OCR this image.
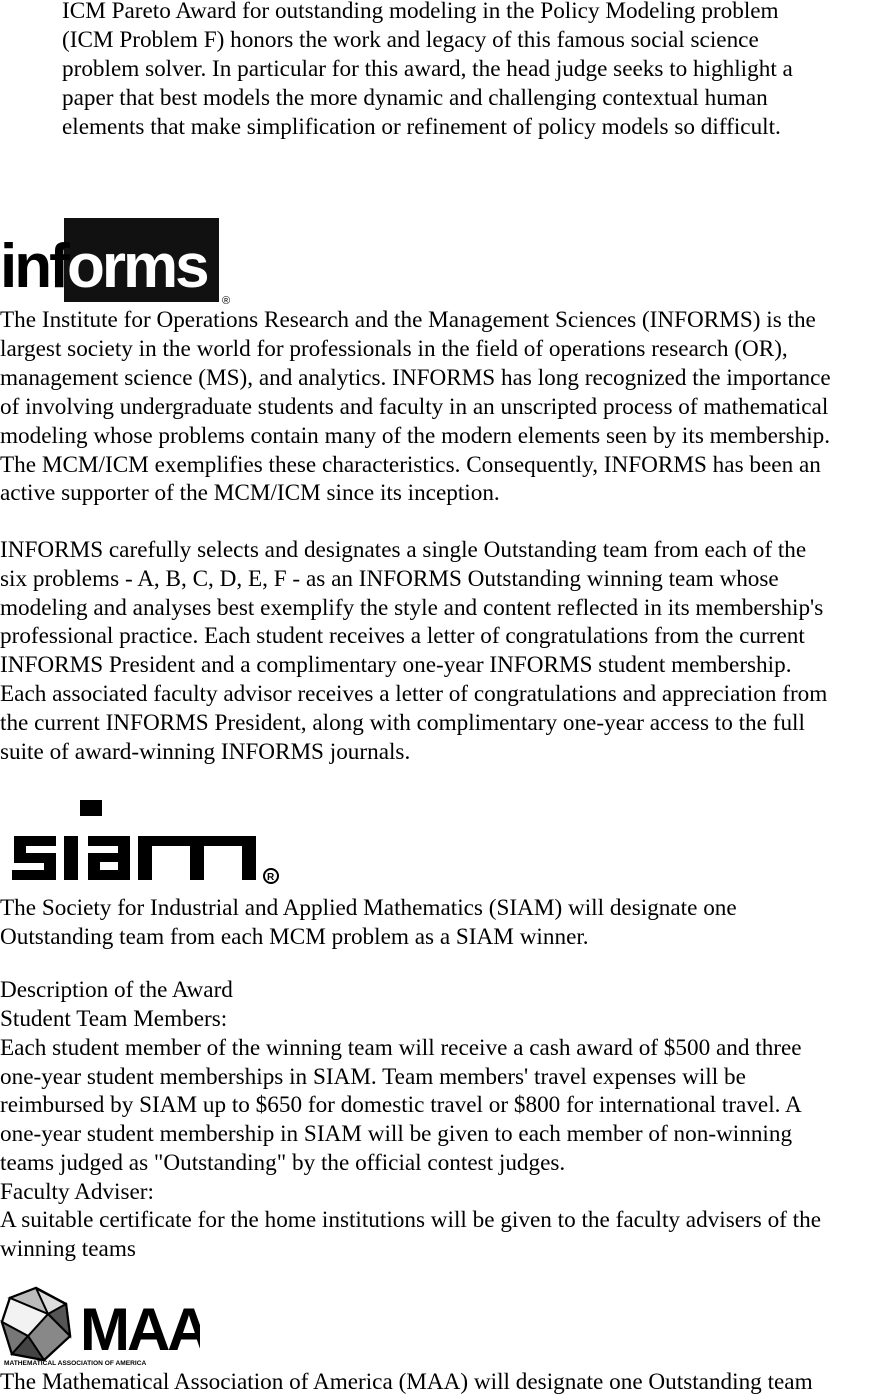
ICM Pareto Award for outstanding modeling in the Policy Modeling problem
(ICM Problem F) honors the work and legacy of this famous social science
problem solver. In particular for this award, the head judge seeks to highlight a
paper that best models the more dynamic and challenging contextual human
elements that make simplification or refinement of policy models so difficult.
inf orms ®
The Institute for Operations Research and the Management Sciences (INFORMS) is the
largest society in the world for professionals in the field of operations research (OR),
management science (MS), and analytics. INFORMS has long recognized the importance
of involving undergraduate students and faculty in an unscripted process of mathematical
modeling whose problems contain many of the modern elements seen by its membership.
The MCM/ICM exemplifies these characteristics. Consequently, INFORMS has been an
active supporter of the MCM/ICM since its inception.
INFORMS carefully selects and designates a single Outstanding team from each of the
six problems - A, B, C, D, E, F - as an INFORMS Outstanding winning team whose
modeling and analyses best exemplify the style and content reflected in its membership's
professional practice. Each student receives a letter of congratulations from the current
INFORMS President and a complimentary one-year INFORMS student membership.
Each associated faculty advisor receives a letter of congratulations and appreciation from
the current INFORMS President, along with complimentary one-year access to the full
suite of award-winning INFORMS journals.
R
The Society for Industrial and Applied Mathematics (SIAM) will designate one
Outstanding team from each MCM problem as a SIAM winner.
Description of the Award
Student Team Members:
Each student member of the winning team will receive a cash award of $500 and three
one-year student memberships in SIAM. Team members' travel expenses will be
reimbursed by SIAM up to $650 for domestic travel or $800 for international travel. A
one-year student membership in SIAM will be given to each member of non-winning
teams judged as "Outstanding" by the official contest judges.
Faculty Adviser:
A suitable certificate for the home institutions will be given to the faculty advisers of the
winning teams
MAA
MATHEMATICAL ASSOCIATION OF AMERICA
The Mathematical Association of America (MAA) will designate one Outstanding team
